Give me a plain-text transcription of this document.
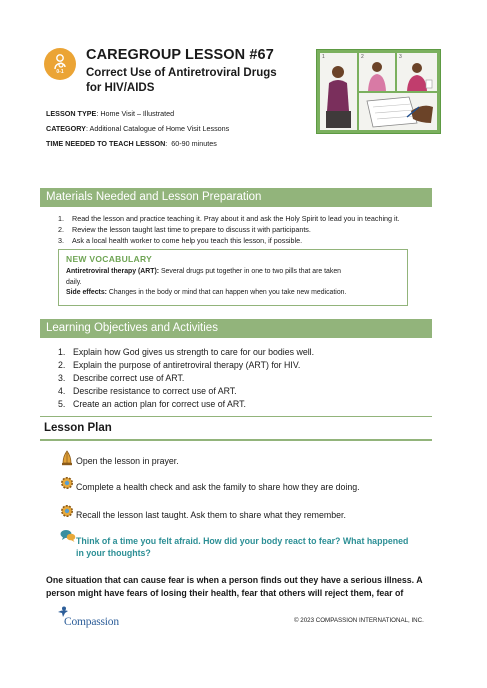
0-1
CAREGROUP LESSON #67
Correct Use of Antiretroviral Drugs
for HIV/AIDS
1	2	3
LESSON TYPE: Home Visit – Illustrated
CATEGORY: Additional Catalogue of Home Visit Lessons
TIME NEEDED TO TEACH LESSON:  60-90 minutes
Materials Needed and Lesson Preparation
1. Read the lesson and practice teaching it. Pray about it and ask the Holy Spirit to lead you in teaching it.
2. Review the lesson taught last time to prepare to discuss it with participants.
3. Ask a local health worker to come help you teach this lesson, if possible.
NEW VOCABULARY
Antiretroviral therapy (ART): Several drugs put together in one to two pills that are taken
daily.
Side effects: Changes in the body or mind that can happen when you take new medication.
Learning Objectives and Activities
1. Explain how God gives us strength to care for our bodies well.
2. Explain the purpose of antiretroviral therapy (ART) for HIV.
3. Describe correct use of ART.
4. Describe resistance to correct use of ART.
5. Create an action plan for correct use of ART.
Lesson Plan
Open the lesson in prayer.
Complete a health check and ask the family to share how they are doing.
Recall the lesson last taught. Ask them to share what they remember.
Think of a time you felt afraid. How did your body react to fear? What happened
in your thoughts?
One situation that can cause fear is when a person finds out they have a serious illness. A
person might have fears of losing their health, fear that others will reject them, fear of
Compassion	© 2023 COMPASSION INTERNATIONAL, INC.
